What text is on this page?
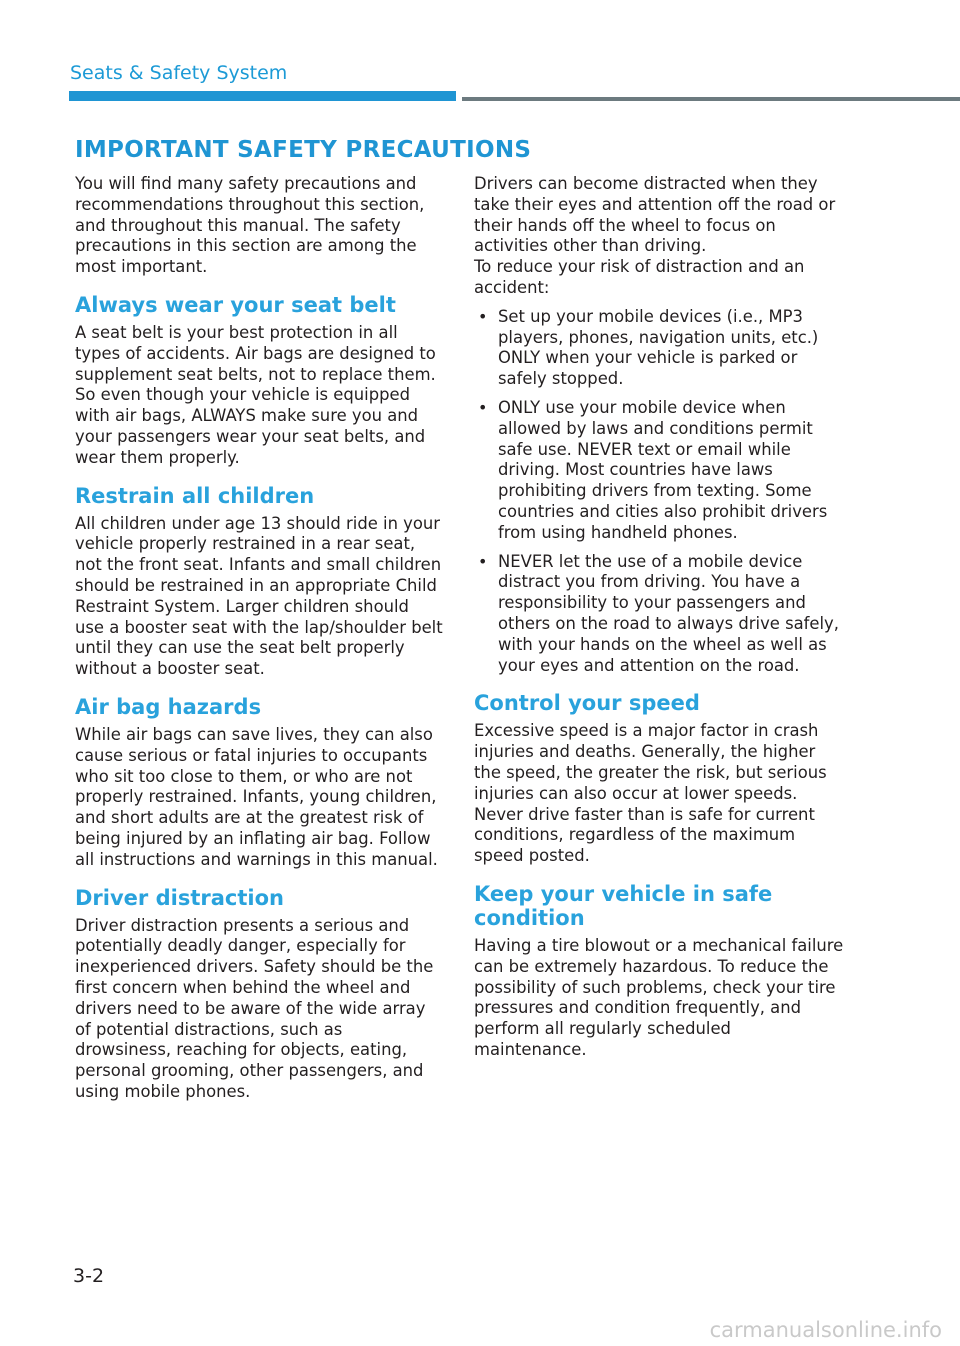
Seats & Safety System
IMPORTANT SAFETY PRECAUTIONS

You will find many safety precautions and recommendations throughout this section, and throughout this manual. The safety precautions in this section are among the most important.

Always wear your seat belt

A seat belt is your best protection in all types of accidents. Air bags are designed to supplement seat belts, not to replace them. So even though your vehicle is equipped with air bags, ALWAYS make sure you and your passengers wear your seat belts, and wear them properly.

Restrain all children

All children under age 13 should ride in your vehicle properly restrained in a rear seat, not the front seat. Infants and small children should be restrained in an appropriate Child Restraint System. Larger children should use a booster seat with the lap/shoulder belt until they can use the seat belt properly without a booster seat.

Air bag hazards

While air bags can save lives, they can also cause serious or fatal injuries to occupants who sit too close to them, or who are not properly restrained. Infants, young children, and short adults are at the greatest risk of being injured by an inflating air bag. Follow all instructions and warnings in this manual.

Driver distraction

Driver distraction presents a serious and potentially deadly danger, especially for inexperienced drivers. Safety should be the first concern when behind the wheel and drivers need to be aware of the wide array of potential distractions, such as drowsiness, reaching for objects, eating, personal grooming, other passengers, and using mobile phones.

Drivers can become distracted when they take their eyes and attention off the road or their hands off the wheel to focus on activities other than driving.

To reduce your risk of distraction and an accident:

• Set up your mobile devices (i.e., MP3 players, phones, navigation units, etc.) ONLY when your vehicle is parked or safely stopped.
• ONLY use your mobile device when allowed by laws and conditions permit safe use. NEVER text or email while driving. Most countries have laws prohibiting drivers from texting. Some countries and cities also prohibit drivers from using handheld phones.
• NEVER let the use of a mobile device distract you from driving. You have a responsibility to your passengers and others on the road to always drive safely, with your hands on the wheel as well as your eyes and attention on the road.
Control your speed

Excessive speed is a major factor in crash injuries and deaths. Generally, the higher the speed, the greater the risk, but serious injuries can also occur at lower speeds. Never drive faster than is safe for current conditions, regardless of the maximum speed posted.

Keep your vehicle in safe condition

Having a tire blowout or a mechanical failure can be extremely hazardous. To reduce the possibility of such problems, check your tire pressures and condition frequently, and perform all regularly scheduled maintenance.

3-2
carmanualsonline.info
